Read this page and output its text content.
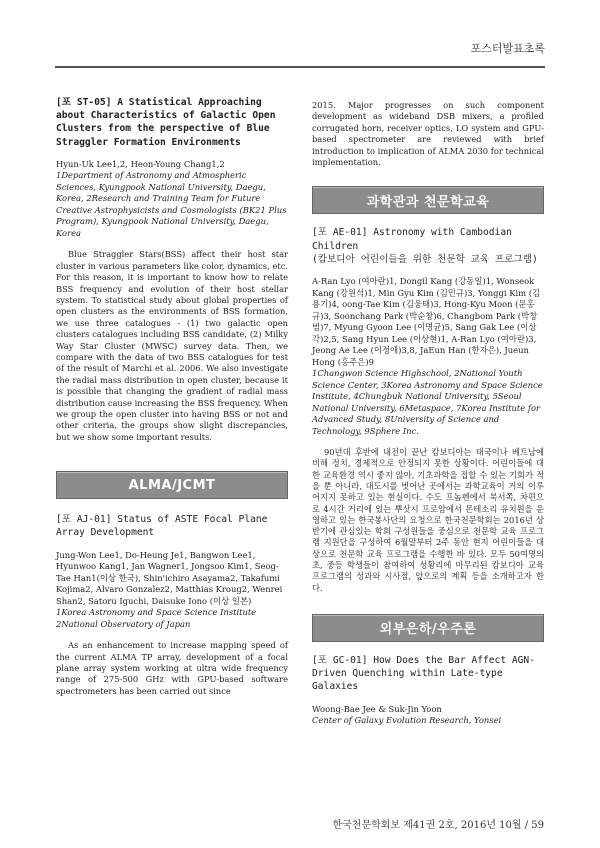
포스터발표초록

[포 ST-05] A Statistical Approaching about Characteristics of Galactic Open Clusters from the perspective of Blue Straggler Formation Environments

Hyun-Uk Lee1,2, Heon-Young Chang1,2

1Department of Astronomy and Atmospheric Sciences, Kyungpook National University, Daegu, Korea, 2Research and Training Team for Future Creative Astrophysicists and Cosmologists (BK21 Plus Program), Kyungpook National University, Daegu, Korea

Blue Straggler Stars(BSS) affect their host star cluster in various parameters like color, dynamics, etc. For this reason, it is important to know how to relate BSS frequency and evolution of their host stellar system. To statistical study about global properties of open clusters as the environments of BSS formation, we use three catalogues - (1) two galactic open clusters catalogues including BSS candidate, (2) Milky Way Star Cluster (MWSC) survey data. Then, we compare with the data of two BSS catalogues for test of the result of Marchi et al. 2006. We also investigate the radial mass distribution in open cluster, because it is possible that changing the gradient of radial mass distribution cause increasing the BSS frequency. When we group the open cluster into having BSS or not and other criteria, the groups show slight discrepancies, but we show some important results.

ALMA/JCMT

[포 AJ-01] Status of ASTE Focal Plane Array Development

Jung-Won Lee1, Do-Heung Je1, Bangwon Lee1, Hyunwoo Kang1, Jan Wagner1, Jongsoo Kim1, Seog-Tae Han1(이상 한국), Shin'ichiro Asayama2, Takafumi Kojima2, Alvaro Gonzalez2, Matthias Kroug2, Wenrei Shan2, Satoru Iguchi, Daisuke Iono (이상 일본)

1Korea Astronomy and Space Science Institute 2National Observatory of Japan

As an enhancement to increase mapping speed of the current ALMA TP array, development of a focal plane array system working at ultra wide frequency range of 275-500 GHz with GPU-based software spectrometers has been carried out since

2015. Major progresses on such component development as wideband DSB mixers, a profiled corrugated horn, receiver optics, LO system and GPU-based spectrometer are reviewed with brief introduction to implication of ALMA 2030 for technical implementation.

과학관과 천문학교육

[포 AE-01] Astronomy with Cambodian Children

(캄보디아 어린이들을 위한 천문학 교육 프로그램)

A-Ran Lyo (여아란)1, Dongil Kang (강동일)1, Wonseok Kang (강원석)1, Min Gyu Kim (김민규)3, Yonggi Kim (김용기)4, oong-Tae Kim (김웅태)3, Hong-Kyu Moon (문홍규)3, Soonchang Park (박순창)6, Changbom Park (박창범)7, Myung Gyoon Lee (이명균)5, Sang Gak Lee (이상각)2,5, Sang Hyun Lee (이상현)1, A-Ran Lyo (여아란)3, Jeong Ae Lee (이정애)3,8, JaEun Han (한자은), Jueun Hong (홍주은)9

1Changwon Science Highschool, 2National Youth Science Center, 3Korea Astronomy and Space Science Institute, 4Chungbuk National University, 5Seoul National University, 6Metaspace, 7Korea Institute for Advanced Study, 8University of Science and Technology, 9Sphere Inc.

90년대 후반에 내전이 끝난 캄보디아는 태국이나 베트남에 비해 정치, 경제적으로 안정되지 못한 상황이다. 어린이들에 대한 교육환경 역시 좋지 않아, 기초과학을 접할 수 있는 기회가 적을 뿐 아니라, 대도시를 벗어난 곳에서는 과학교육이 거의 이루어지지 못하고 있는 현실이다. 수도 프놈펜에서 북서쪽, 차편으로 4시간 거리에 있는 뿌삿시 프로암에서 몬테소리 유치원을 운영하고 있는 한국봉사단의 요청으로 한국천문학회는 2016년 상반기에 관심있는 학회 구성원들을 중심으로 천문학 교육 프로그램 지원단을 구성하여 6월말부터 2주 동안 현지 어린이들을 대상으로 천문학 교육 프로그램을 수행한 바 있다. 모두 50여명의 초, 중등 학생들이 참여하여 성황리에 마무리된 캄보디아 교육 프로그램의 성과와 시사점, 앞으로의 계획 등을 소개하고자 한다.

외부은하/우주론

[포 GC-01] How Does the Bar Affect AGN-Driven Quenching within Late-type Galaxies

Woong-Bae Jee & Suk-Jin Yoon

Center of Galaxy Evolution Research, Yonsei

한국천문학회보 제41권 2호, 2016년 10월 / 59
